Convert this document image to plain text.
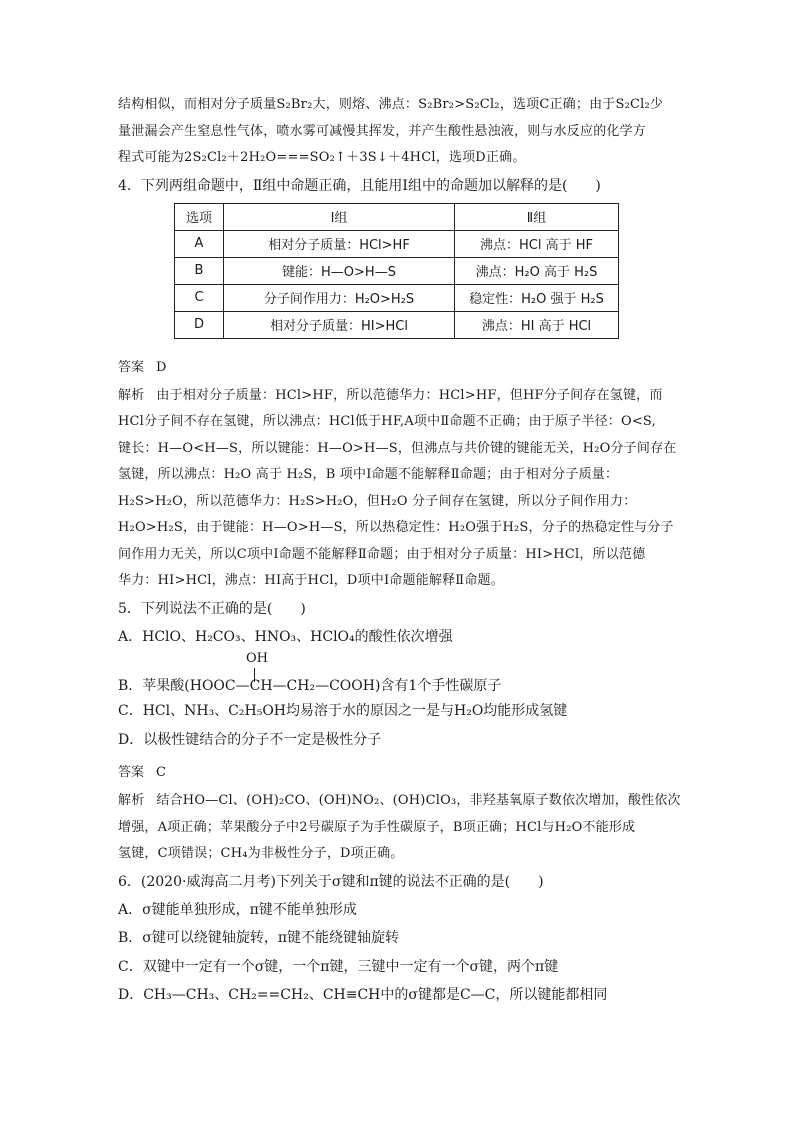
结构相似，而相对分子质量S₂Br₂大，则熔、沸点：S₂Br₂>S₂Cl₂，选项C正确；由于S₂Cl₂少
量泄漏会产生窒息性气体，喷水雾可减慢其挥发，并产生酸性悬浊液，则与水反应的化学方
程式可能为2S₂Cl₂＋2H₂O===SO₂↑＋3S↓＋4HCl，选项D正确。
4．下列两组命题中，Ⅱ组中命题正确，且能用Ⅰ组中的命题加以解释的是(　　)
选项	Ⅰ组	Ⅱ组
A	相对分子质量：HCl>HF	沸点：HCl 高于 HF
B	键能：H—O>H—S	沸点：H₂O 高于 H₂S
C	分子间作用力：H₂O>H₂S	稳定性：H₂O 强于 H₂S
D	相对分子质量：HI>HCl	沸点：HI 高于 HCl
答案 D
解析 由于相对分子质量：HCl>HF，所以范德华力：HCl>HF，但HF分子间存在氢键，而
HCl分子间不存在氢键，所以沸点：HCl低于HF,A项中Ⅱ命题不正确；由于原子半径：O<S,
键长：H—O<H—S，所以键能：H—O>H—S，但沸点与共价键的键能无关，H₂O分子间存在
氢键，所以沸点：H₂O 高于 H₂S，B 项中Ⅰ命题不能解释Ⅱ命题；由于相对分子质量：
H₂S>H₂O，所以范德华力：H₂S>H₂O，但H₂O 分子间存在氢键，所以分子间作用力：
H₂O>H₂S，由于键能：H—O>H—S，所以热稳定性：H₂O强于H₂S，分子的热稳定性与分子
间作用力无关，所以C项中Ⅰ命题不能解释Ⅱ命题；由于相对分子质量：HI>HCl，所以范德
华力：HI>HCl，沸点：HI高于HCl，D项中Ⅰ命题能解释Ⅱ命题。
5．下列说法不正确的是(　　)
A．HClO、H₂CO₃、HNO₃、HClO₄的酸性依次增强
OH
B．苹果酸(HOOC—CH—CH₂—COOH)含有1个手性碳原子
C．HCl、NH₃、C₂H₅OH均易溶于水的原因之一是与H₂O均能形成氢键
D．以极性键结合的分子不一定是极性分子
答案 C
解析 结合HO—Cl、(OH)₂CO、(OH)NO₂、(OH)ClO₃，非羟基氧原子数依次增加，酸性依次
增强，A项正确；苹果酸分子中2号碳原子为手性碳原子，B项正确；HCl与H₂O不能形成
氢键，C项错误；CH₄为非极性分子，D项正确。
6．(2020·威海高二月考)下列关于σ键和π键的说法不正确的是(　　)
A．σ键能单独形成，π键不能单独形成
B．σ键可以绕键轴旋转，π键不能绕键轴旋转
C．双键中一定有一个σ键，一个π键，三键中一定有一个σ键，两个π键
D．CH₃—CH₃、CH₂==CH₂、CH≡CH中的σ键都是C—C，所以键能都相同
